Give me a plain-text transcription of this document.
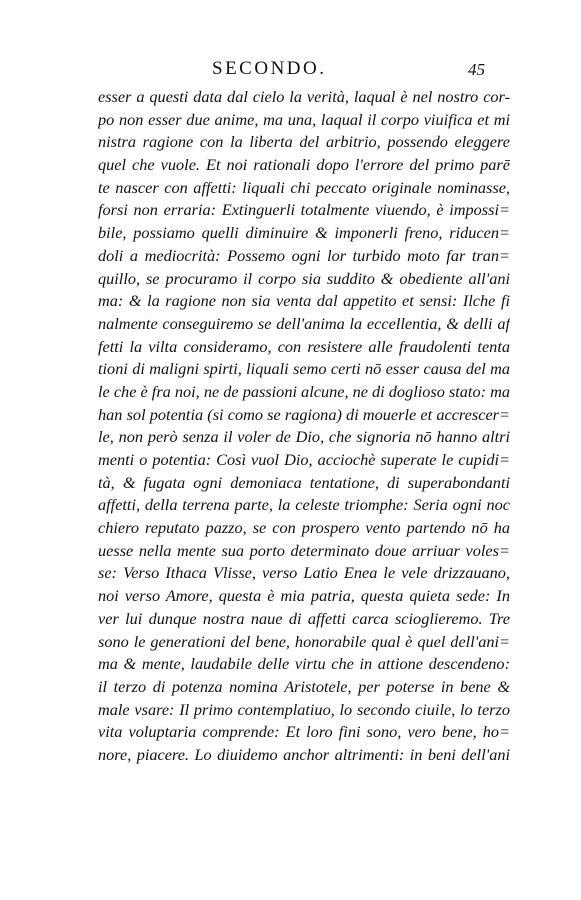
SECONDO.	45
esser a questi data dal cielo la verità, laqual è nel nostro cor-
po non esser due anime, ma una, laqual il corpo viuifica et mi
nistra ragione con la liberta del arbitrio, possendo eleggere
quel che vuole. Et noi rationali dopo l'errore del primo parē
te nascer con affetti: liquali chi peccato originale nominasse,
forsi non erraria: Extinguerli totalmente viuendo, è impossi=
bile, possiamo quelli diminuire & imponerli freno, riducen=
doli a mediocrità: Possemo ogni lor turbido moto far tran=
quillo, se procuramo il corpo sia suddito & obediente all'ani
ma: & la ragione non sia venta dal appetito et sensi: Ilche fi
nalmente conseguiremo se dell'anima la eccellentia, & delli af
fetti la vilta consideramo, con resistere alle fraudolenti tenta
tioni di maligni spirti, liquali semo certi nō esser causa del ma
le che è fra noi, ne de passioni alcune, ne di doglioso stato: ma
han sol potentia (si como se ragiona) di mouerle et accrescer=
le, non però senza il voler de Dio, che signoria nō hanno altri
menti o potentia: Così vuol Dio, acciochè superate le cupidi=
tà, & fugata ogni demoniaca tentatione, di superabondanti
affetti, della terrena parte, la celeste triomphe: Seria ogni noc
chiero reputato pazzo, se con prospero vento partendo nō ha
uesse nella mente sua porto determinato doue arriuar voles=
se: Verso Ithaca Vlisse, verso Latio Enea le vele drizzauano,
noi verso Amore, questa è mia patria, questa quieta sede: In
ver lui dunque nostra naue di affetti carca scioglieremo. Tre
sono le generationi del bene, honorabile qual è quel dell'ani=
ma & mente, laudabile delle virtu che in attione descendeno:
il terzo di potenza nomina Aristotele, per poterse in bene &
male vsare: Il primo contemplatiuo, lo secondo ciuile, lo terzo
vita voluptaria comprende: Et loro fini sono, vero bene, ho=
nore, piacere. Lo diuidemo anchor altrimenti: in beni dell'ani
